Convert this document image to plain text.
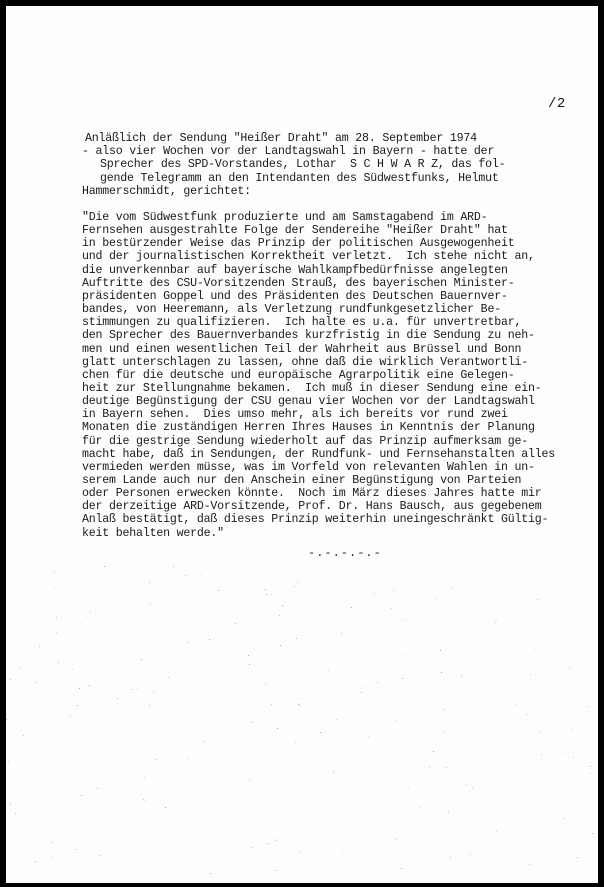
/2
Anläßlich der Sendung "Heißer Draht" am 28. September 1974
- also vier Wochen vor der Landtagswahl in Bayern - hatte der
Sprecher des SPD-Vorstandes, Lothar  S C H W A R Z, das fol-
gende Telegramm an den Intendanten des Südwestfunks, Helmut
Hammerschmidt, gerichtet:
"Die vom Südwestfunk produzierte und am Samstagabend im ARD-
Fernsehen ausgestrahlte Folge der Sendereihe "Heißer Draht" hat
in bestürzender Weise das Prinzip der politischen Ausgewogenheit
und der journalistischen Korrektheit verletzt.  Ich stehe nicht an,
die unverkennbar auf bayerische Wahlkampfbedürfnisse angelegten
Auftritte des CSU-Vorsitzenden Strauß, des bayerischen Minister-
präsidenten Goppel und des Präsidenten des Deutschen Bauernver-
bandes, von Heeremann, als Verletzung rundfunkgesetzlicher Be-
stimmungen zu qualifizieren.  Ich halte es u.a. für unvertretbar,
den Sprecher des Bauernverbandes kurzfristig in die Sendung zu neh-
men und einen wesentlichen Teil der Wahrheit aus Brüssel und Bonn
glatt unterschlagen zu lassen, ohne daß die wirklich Verantwortli-
chen für die deutsche und europäische Agrarpolitik eine Gelegen-
heit zur Stellungnahme bekamen.  Ich muß in dieser Sendung eine ein-
deutige Begünstigung der CSU genau vier Wochen vor der Landtagswahl
in Bayern sehen.  Dies umso mehr, als ich bereits vor rund zwei
Monaten die zuständigen Herren Ihres Hauses in Kenntnis der Planung
für die gestrige Sendung wiederholt auf das Prinzip aufmerksam ge-
macht habe, daß in Sendungen, der Rundfunk- und Fernsehanstalten alles
vermieden werden müsse, was im Vorfeld von relevanten Wahlen in un-
serem Lande auch nur den Anschein einer Begünstigung von Parteien
oder Personen erwecken könnte.  Noch im März dieses Jahres hatte mir
der derzeitige ARD-Vorsitzende, Prof. Dr. Hans Bausch, aus gegebenem
Anlaß bestätigt, daß dieses Prinzip weiterhin uneingeschränkt Gültig-
keit behalten werde."
-.-.-.-.-
